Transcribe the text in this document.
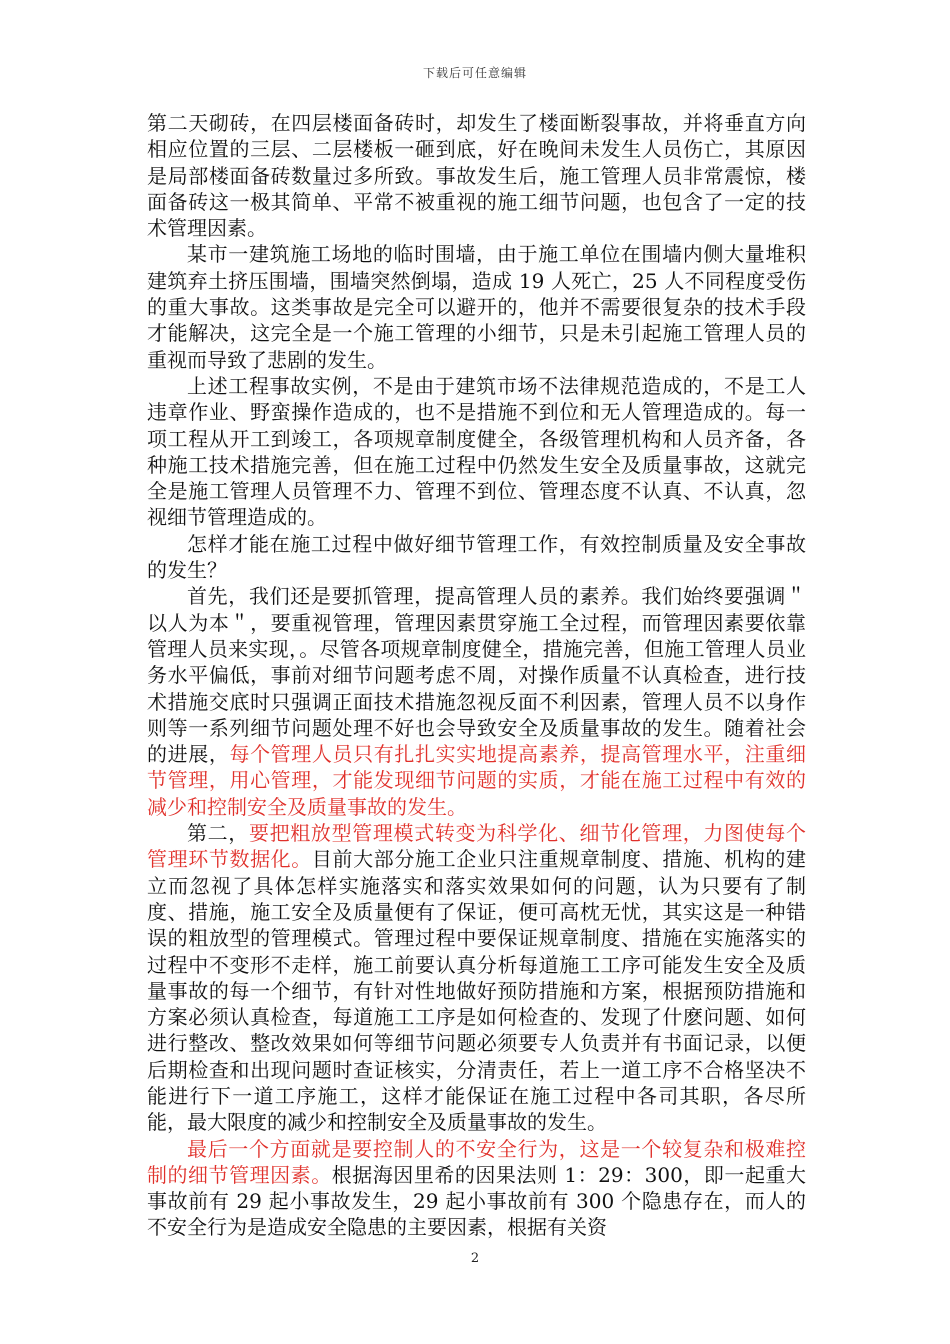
下载后可任意编辑

第二天砌砖，在四层楼面备砖时，却发生了楼面断裂事故，并将垂直方向相应位置的三层、二层楼板一砸到底，好在晚间未发生人员伤亡，其原因是局部楼面备砖数量过多所致。事故发生后，施工管理人员非常震惊，楼面备砖这一极其简单、平常不被重视的施工细节问题，也包含了一定的技术管理因素。

某市一建筑施工场地的临时围墙，由于施工单位在围墙内侧大量堆积建筑弃土挤压围墙，围墙突然倒塌，造成 19 人死亡，25 人不同程度受伤的重大事故。这类事故是完全可以避开的，他并不需要很复杂的技术手段才能解决，这完全是一个施工管理的小细节，只是未引起施工管理人员的重视而导致了悲剧的发生。

上述工程事故实例，不是由于建筑市场不法律规范造成的，不是工人违章作业、野蛮操作造成的，也不是措施不到位和无人管理造成的。每一项工程从开工到竣工，各项规章制度健全，各级管理机构和人员齐备，各种施工技术措施完善，但在施工过程中仍然发生安全及质量事故，这就完全是施工管理人员管理不力、管理不到位、管理态度不认真、不认真，忽视细节管理造成的。

怎样才能在施工过程中做好细节管理工作，有效控制质量及安全事故的发生？

首先，我们还是要抓管理，提高管理人员的素养。我们始终要强调＂以人为本＂，要重视管理，管理因素贯穿施工全过程，而管理因素要依靠管理人员来实现，。尽管各项规章制度健全，措施完善，但施工管理人员业务水平偏低，事前对细节问题考虑不周，对操作质量不认真检查，进行技术措施交底时只强调正面技术措施忽视反面不利因素，管理人员不以身作则等一系列细节问题处理不好也会导致安全及质量事故的发生。随着社会的进展，每个管理人员只有扎扎实实地提高素养，提高管理水平，注重细节管理，用心管理，才能发现细节问题的实质，才能在施工过程中有效的减少和控制安全及质量事故的发生。

第二，要把粗放型管理模式转变为科学化、细节化管理，力图使每个管理环节数据化。目前大部分施工企业只注重规章制度、措施、机构的建立而忽视了具体怎样实施落实和落实效果如何的问题，认为只要有了制度、措施，施工安全及质量便有了保证，便可高枕无忧，其实这是一种错误的粗放型的管理模式。管理过程中要保证规章制度、措施在实施落实的过程中不变形不走样，施工前要认真分析每道施工工序可能发生安全及质量事故的每一个细节，有针对性地做好预防措施和方案，根据预防措施和方案必须认真检查，每道施工工序是如何检查的、发现了什麽问题、如何进行整改、整改效果如何等细节问题必须要专人负责并有书面记录，以便后期检查和出现问题时查证核实，分清责任，若上一道工序不合格坚决不能进行下一道工序施工，这样才能保证在施工过程中各司其职，各尽所能，最大限度的减少和控制安全及质量事故的发生。

最后一个方面就是要控制人的不安全行为，这是一个较复杂和极难控制的细节管理因素。根据海因里希的因果法则 1：29：300，即一起重大事故前有 29 起小事故发生，29 起小事故前有 300 个隐患存在，而人的不安全行为是造成安全隐患的主要因素，根据有关资

2
